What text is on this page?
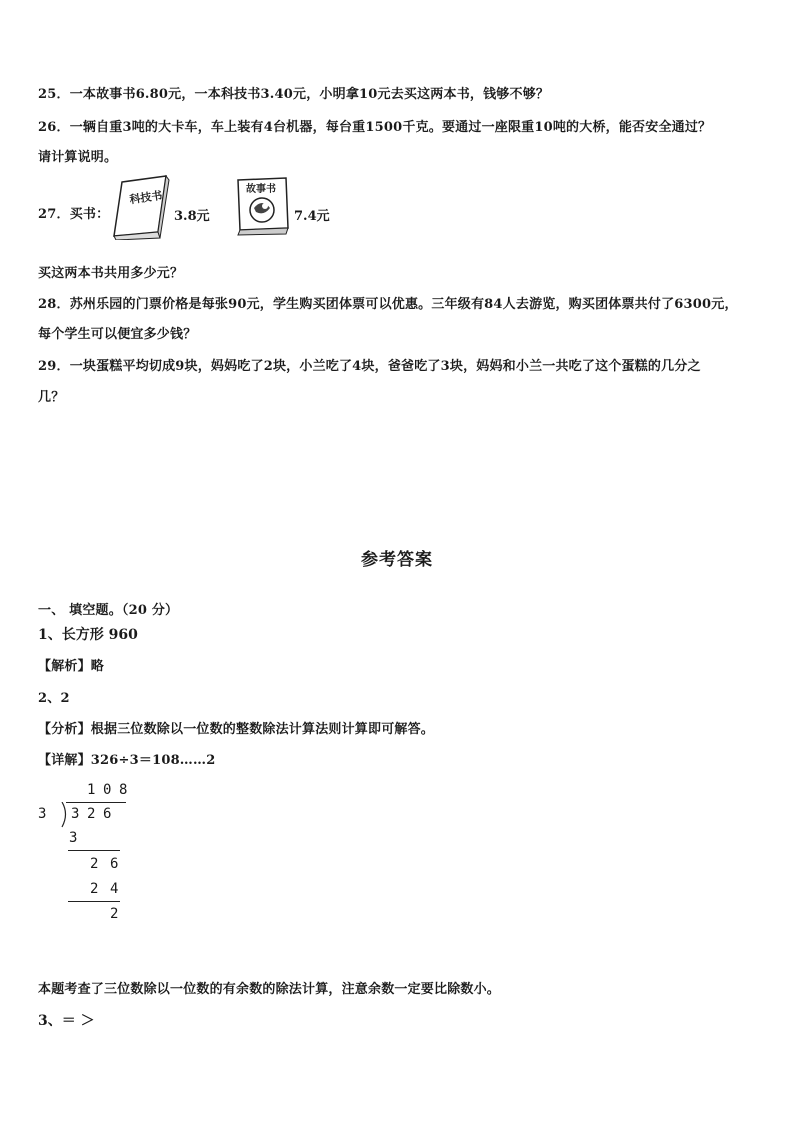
25．一本故事书6.80元，一本科技书3.40元，小明拿10元去买这两本书，钱够不够？
26．一辆自重3吨的大卡车，车上装有4台机器，每台重1500千克。要通过一座限重10吨的大桥，能否安全通过？
请计算说明。
27．买书：
科技书
3.8元
故事书
7.4元
买这两本书共用多少元？
28．苏州乐园的门票价格是每张90元，学生购买团体票可以优惠。三年级有84人去游览，购买团体票共付了6300元，
每个学生可以便宜多少钱？
29．一块蛋糕平均切成9块，妈妈吃了2块，小兰吃了4块，爸爸吃了3块，妈妈和小兰一共吃了这个蛋糕的几分之
几？
参考答案
一、 填空题。（20 分）
1、长方形 960
【解析】略
2、2
【分析】根据三位数除以一位数的整数除法计算法则计算即可解答。
【详解】326÷3＝108……2
1 0 8
3 3 2 6
3
2 6
2 4
2
本题考查了三位数除以一位数的有余数的除法计算，注意余数一定要比除数小。
3、＝ ＞
